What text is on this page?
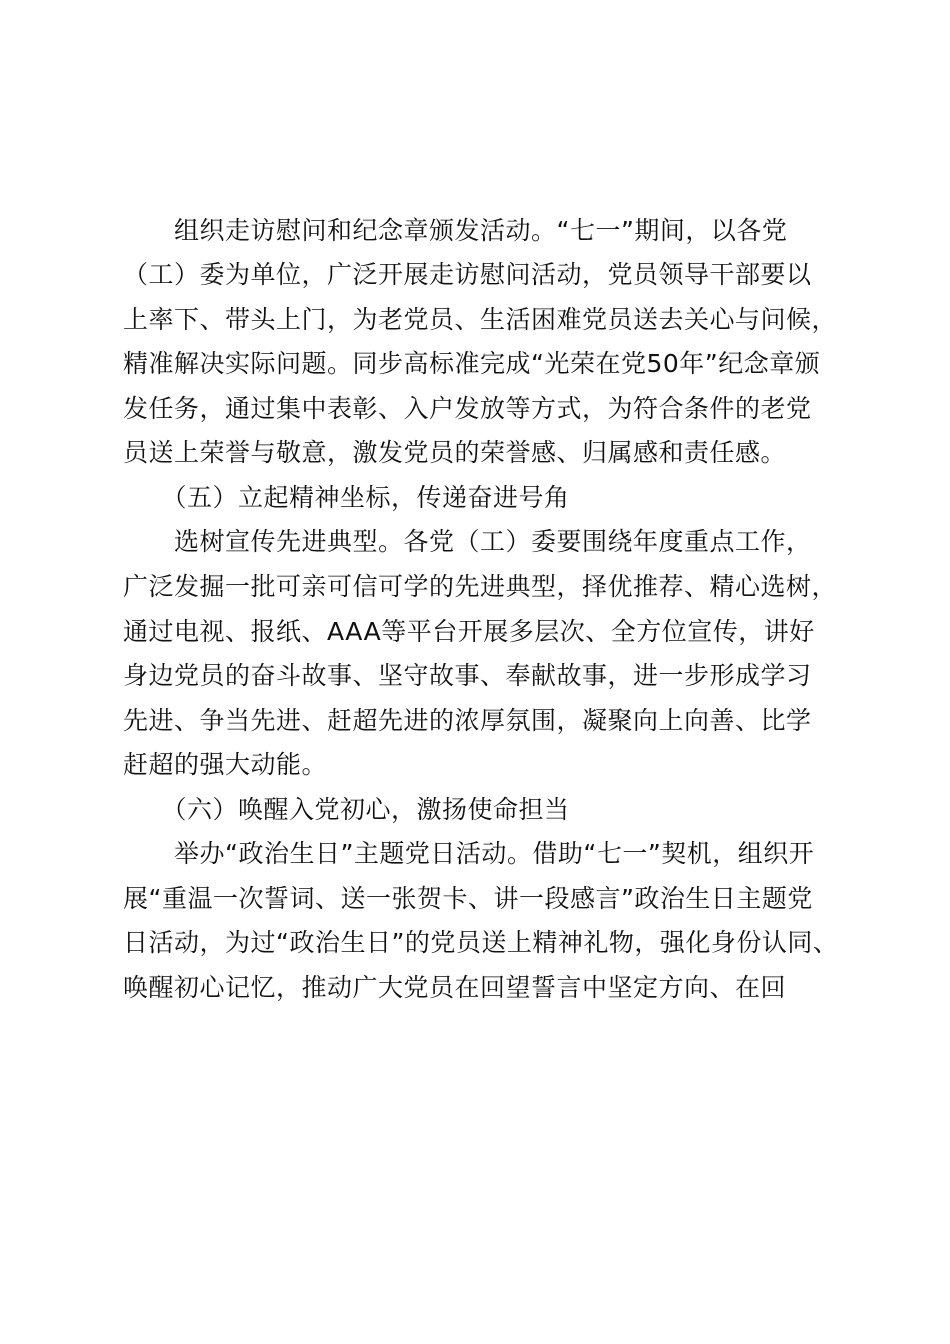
　　组织走访慰问和纪念章颁发活动。“七一”期间，以各党
（工）委为单位，广泛开展走访慰问活动，党员领导干部要以
上率下、带头上门，为老党员、生活困难党员送去关心与问候，
精准解决实际问题。同步高标准完成“光荣在党50年”纪念章颁
发任务，通过集中表彰、入户发放等方式，为符合条件的老党
员送上荣誉与敬意，激发党员的荣誉感、归属感和责任感。
　　（五）立起精神坐标，传递奋进号角
　　选树宣传先进典型。各党（工）委要围绕年度重点工作，
广泛发掘一批可亲可信可学的先进典型，择优推荐、精心选树，
通过电视、报纸、AAA等平台开展多层次、全方位宣传，讲好
身边党员的奋斗故事、坚守故事、奉献故事，进一步形成学习
先进、争当先进、赶超先进的浓厚氛围，凝聚向上向善、比学
赶超的强大动能。
　　（六）唤醒入党初心，激扬使命担当
　　举办“政治生日”主题党日活动。借助“七一”契机，组织开
展“重温一次誓词、送一张贺卡、讲一段感言”政治生日主题党
日活动，为过“政治生日”的党员送上精神礼物，强化身份认同、
唤醒初心记忆，推动广大党员在回望誓言中坚定方向、在回
